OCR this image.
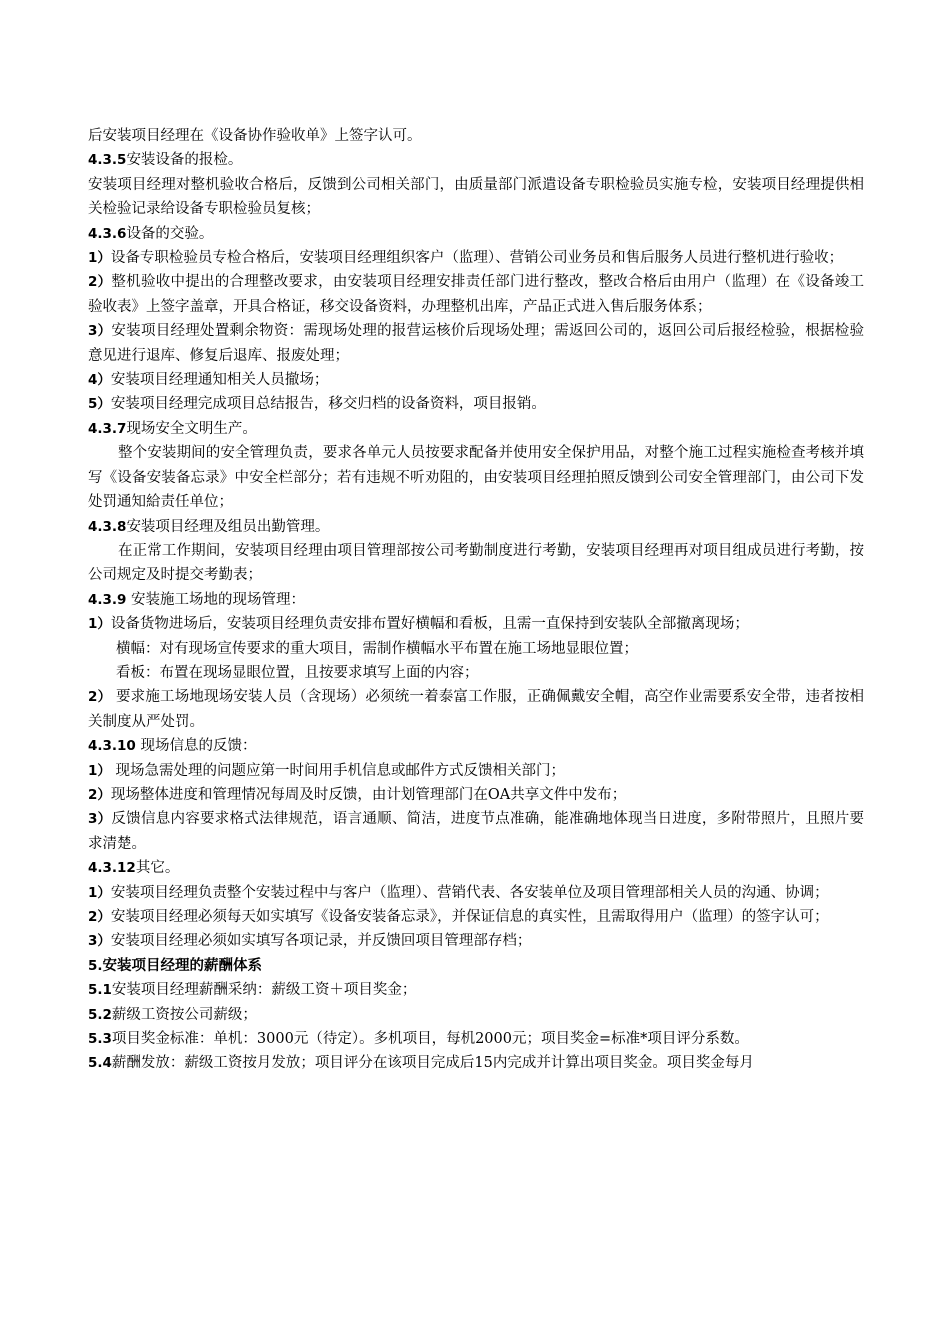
后安装项目经理在《设备协作验收单》上签字认可。

4.3.5安装设备的报检。

安装项目经理对整机验收合格后，反馈到公司相关部门，由质量部门派遣设备专职检验员实施专检，安装项目经理提供相关检验记录给设备专职检验员复核；

4.3.6设备的交验。

1）设备专职检验员专检合格后，安装项目经理组织客户（监理）、营销公司业务员和售后服务人员进行整机进行验收；

2）整机验收中提出的合理整改要求，由安装项目经理安排责任部门进行整改，整改合格后由用户（监理）在《设备竣工验收表》上签字盖章，开具合格证，移交设备资料，办理整机出库，产品正式进入售后服务体系；

3）安装项目经理处置剩余物资：需现场处理的报营运核价后现场处理；需返回公司的，返回公司后报经检验，根据检验意见进行退库、修复后退库、报废处理；

4）安装项目经理通知相关人员撤场；

5）安装项目经理完成项目总结报告，移交归档的设备资料，项目报销。

4.3.7现场安全文明生产。

整个安装期间的安全管理负责，要求各单元人员按要求配备并使用安全保护用品，对整个施工过程实施检查考核并填写《设备安装备忘录》中安全栏部分；若有违规不听劝阻的，由安装项目经理拍照反馈到公司安全管理部门，由公司下发处罚通知給责任单位；

4.3.8安装项目经理及组员出勤管理。

在正常工作期间，安装项目经理由项目管理部按公司考勤制度进行考勤，安装项目经理再对项目组成员进行考勤，按公司规定及时提交考勤表；

4.3.9 安装施工场地的现场管理：

1）设备货物进场后，安装项目经理负责安排布置好横幅和看板，且需一直保持到安装队全部撤离现场；

横幅：对有现场宣传要求的重大项目，需制作横幅水平布置在施工场地显眼位置；

看板：布置在现场显眼位置，且按要求填写上面的内容；

2） 要求施工场地现场安装人员（含现场）必须统一着泰富工作服，正确佩戴安全帽，高空作业需要系安全带，违者按相关制度从严处罚。

4.3.10 现场信息的反馈：

1） 现场急需处理的问题应第一时间用手机信息或邮件方式反馈相关部门；

2）现场整体进度和管理情况每周及时反馈，由计划管理部门在OA共享文件中发布；

3）反馈信息内容要求格式法律规范，语言通顺、简洁，进度节点准确，能准确地体现当日进度，多附带照片，且照片要求清楚。

4.3.12其它。

1）安装项目经理负责整个安装过程中与客户（监理）、营销代表、各安装单位及项目管理部相关人员的沟通、协调；

2）安装项目经理必须每天如实填写《设备安装备忘录》，并保证信息的真实性，且需取得用户（监理）的签字认可；

3）安装项目经理必须如实填写各项记录，并反馈回项目管理部存档；

5.安装项目经理的薪酬体系

5.1安装项目经理薪酬采纳：薪级工资＋项目奖金；

5.2薪级工资按公司薪级；

5.3项目奖金标准：单机：3000元（待定）。多机项目，每机2000元；项目奖金=标准*项目评分系数。

5.4薪酬发放：薪级工资按月发放；项目评分在该项目完成后15内完成并计算出项目奖金。项目奖金每月
